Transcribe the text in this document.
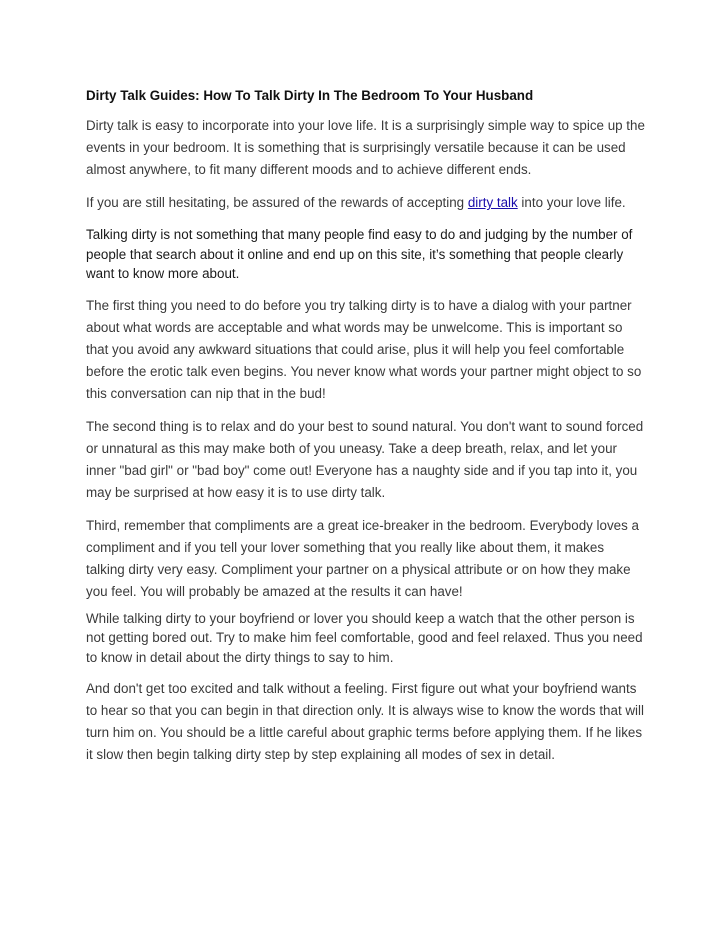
Dirty Talk Guides: How To Talk Dirty In The Bedroom To Your Husband

Dirty talk is easy to incorporate into your love life. It is a surprisingly simple way to spice up the events in your bedroom. It is something that is surprisingly versatile because it can be used almost anywhere, to fit many different moods and to achieve different ends.

If you are still hesitating, be assured of the rewards of accepting dirty talk into your love life.

Talking dirty is not something that many people find easy to do and judging by the number of people that search about it online and end up on this site, it’s something that people clearly want to know more about.

The first thing you need to do before you try talking dirty is to have a dialog with your partner about what words are acceptable and what words may be unwelcome. This is important so that you avoid any awkward situations that could arise, plus it will help you feel comfortable before the erotic talk even begins. You never know what words your partner might object to so this conversation can nip that in the bud!

The second thing is to relax and do your best to sound natural. You don't want to sound forced or unnatural as this may make both of you uneasy. Take a deep breath, relax, and let your inner "bad girl" or "bad boy" come out! Everyone has a naughty side and if you tap into it, you may be surprised at how easy it is to use dirty talk.

Third, remember that compliments are a great ice-breaker in the bedroom. Everybody loves a compliment and if you tell your lover something that you really like about them, it makes talking dirty very easy. Compliment your partner on a physical attribute or on how they make you feel. You will probably be amazed at the results it can have!

While talking dirty to your boyfriend or lover you should keep a watch that the other person is not getting bored out. Try to make him feel comfortable, good and feel relaxed. Thus you need to know in detail about the dirty things to say to him.

And don't get too excited and talk without a feeling. First figure out what your boyfriend wants to hear so that you can begin in that direction only. It is always wise to know the words that will turn him on. You should be a little careful about graphic terms before applying them. If he likes it slow then begin talking dirty step by step explaining all modes of sex in detail.
